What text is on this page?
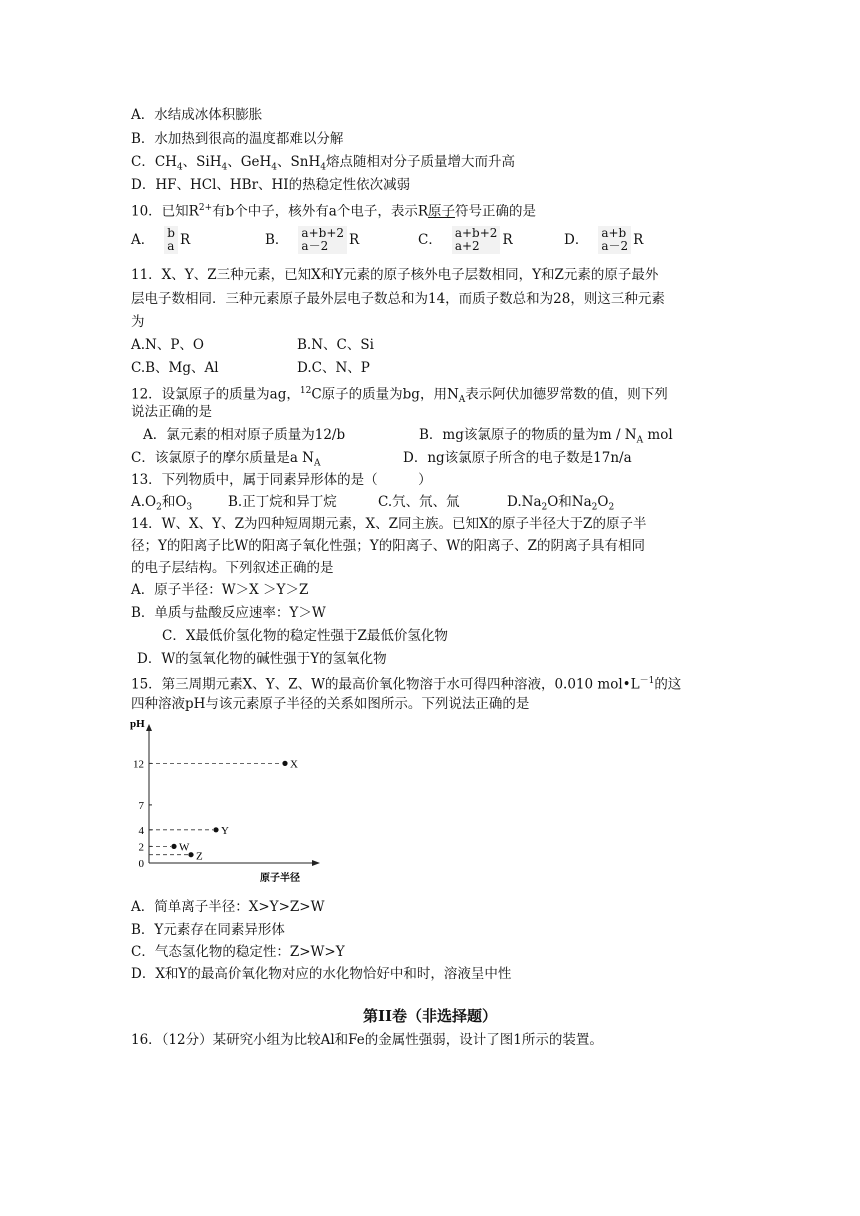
A．水结成冰体积膨胀
B．水加热到很高的温度都难以分解
C．$CH_4$、SiH$_4$、GeH$_4$、SnH$_4$熔点随相对分子质量增大而升高
D．HF、HCl、HBr、HI的热稳定性依次减弱
10．已知$R^{2+}$有b个中子，核外有a个电子，表示R原子符号正确的是
A． b
a R	B． a+b+2
a－2	R	C． a+b+2
a+2	R	D． a+b
a－2 R
11．X、Y、Z三种元素，已知X和Y元素的原子核外电子层数相同，Y和Z元素的原子最外
层电子数相同．三种元素原子最外层电子数总和为14，而质子数总和为28，则这三种元素
为
A.N、P、O	B.N、C、Si
C.B、Mg、Al	D.C、N、P
12．设氯原子的质量为ag，$^{12}$C原子的质量为bg，用$N_A$表示阿伏加德罗常数的值，则下列
说法正确的是
A．氯元素的相对原子质量为12/b	B．mg该氯原子的物质的量为m / $N_A$ mol
C．该氯原子的摩尔质量是a $N_A$	D．ng该氯原子所含的电子数是17n/a
13．下列物质中，属于同素异形体的是（　　　）
$A.O_2$和$O_3$	B.正丁烷和异丁烷	C.氕、氘、氚	$D.Na_2O$和$Na_2O_2$
14．W、X、Y、Z为四种短周期元素，X、Z同主族。已知X的原子半径大于Z的原子半
径；Y的阳离子比W的阳离子氧化性强；Y的阳离子、W的阳离子、Z的阴离子具有相同
的电子层结构。下列叙述正确的是
A．原子半径：W＞X ＞Y＞Z
B．单质与盐酸反应速率：Y＞W
C．X最低价氢化物的稳定性强于Z最低价氢化物
D．W的氢氧化物的碱性强于Y的氢氧化物
15．第三周期元素X、Y、Z、W的最高价氧化物溶于水可得四种溶液，0.010 $mol•L^{-1}$的这
四种溶液pH与该元素原子半径的关系如图所示。下列说法正确的是
pH
原子半径
12
7
4
2
0
X
Y
W
Z
A．简单离子半径：X>Y>Z>W
B．Y元素存在同素异形体
C．气态氢化物的稳定性：Z>W>Y
D．X和Y的最高价氧化物对应的水化物恰好中和时，溶液呈中性
第II卷（非选择题）
16．（12分）某研究小组为比较Al和Fe的金属性强弱，设计了图1所示的装置。
